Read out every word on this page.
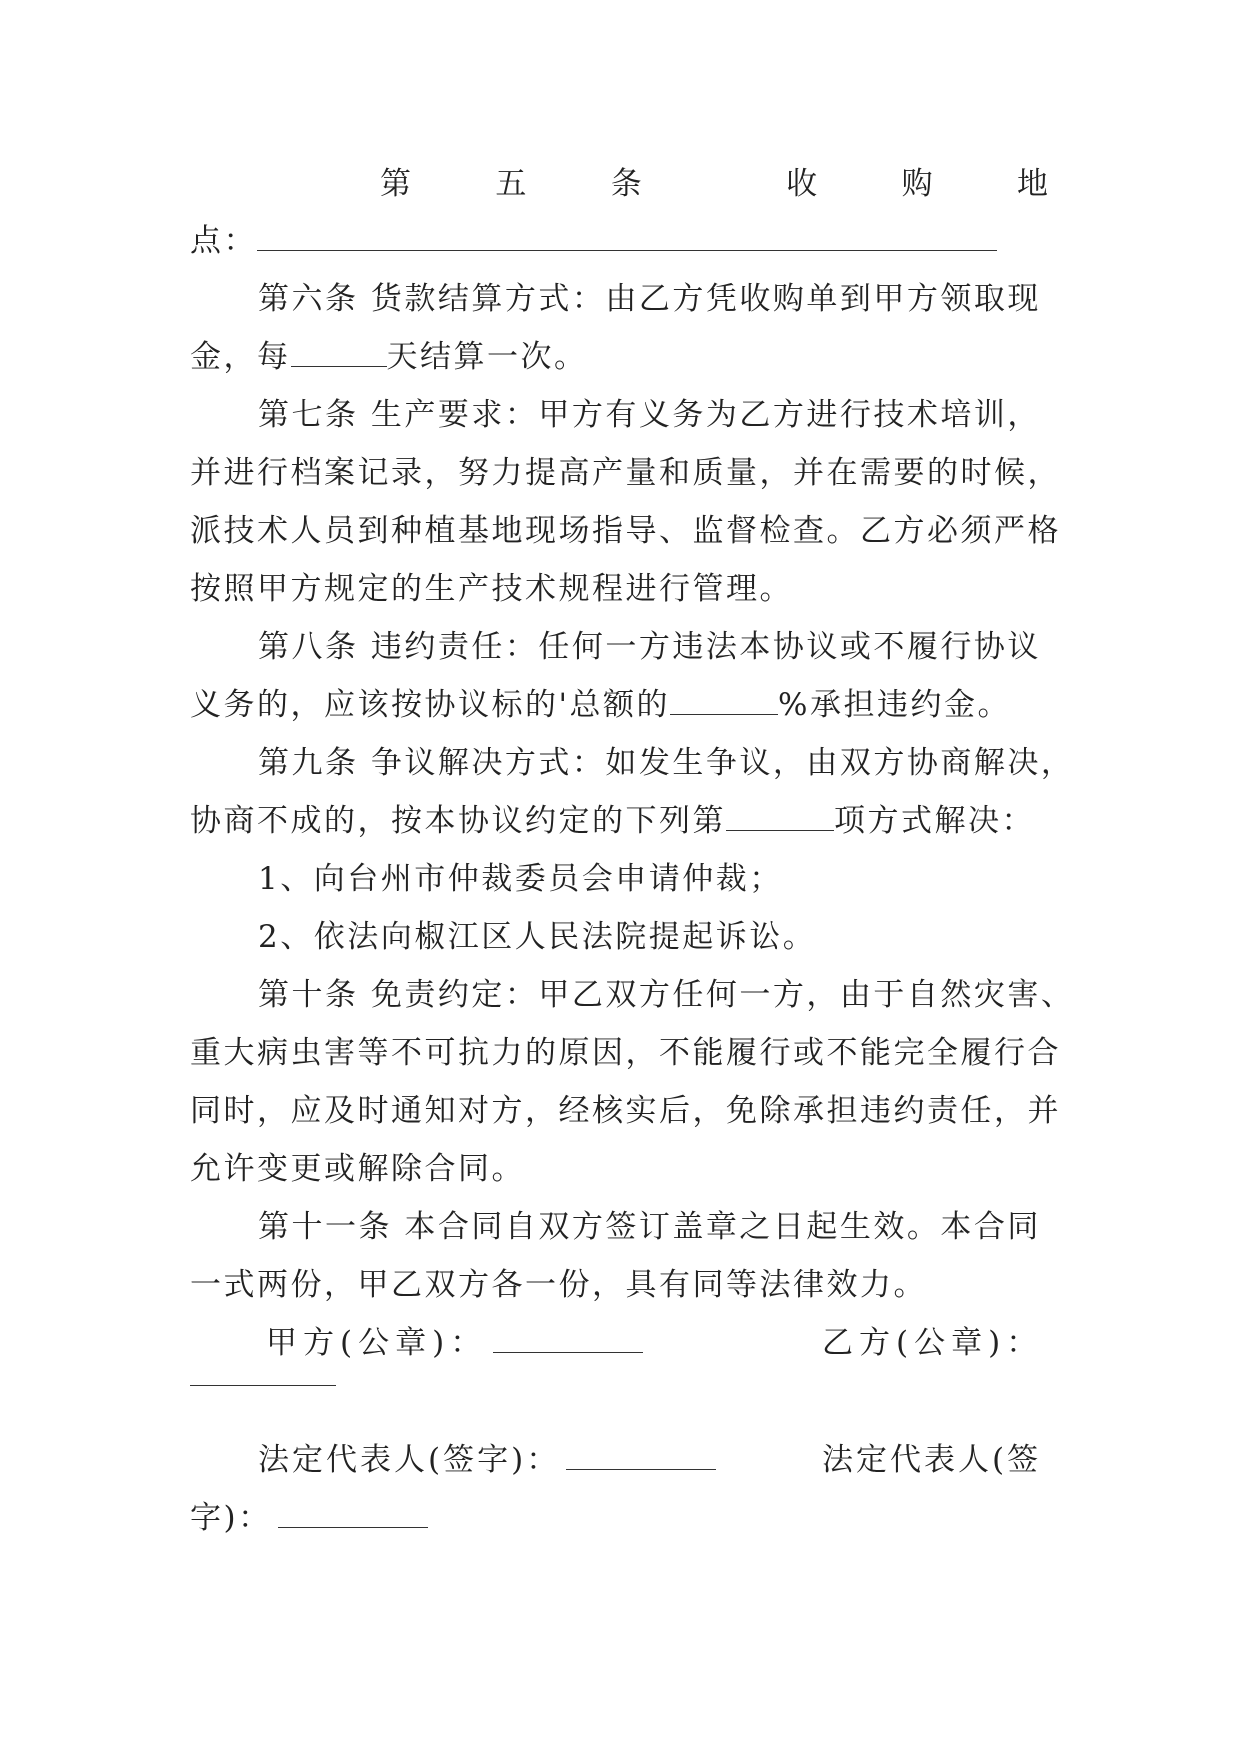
第	五	条	收	购	地
点：
第六条 货款结算方式：由乙方凭收购单到甲方领取现
金，每	天结算一次。
第七条 生产要求：甲方有义务为乙方进行技术培训，
并进行档案记录，努力提高产量和质量，并在需要的时候，
派技术人员到种植基地现场指导、监督检查。乙方必须严格
按照甲方规定的生产技术规程进行管理。
第八条 违约责任：任何一方违法本协议或不履行协议
义务的，应该按协议标的'总额的	%承担违约金。
第九条 争议解决方式：如发生争议，由双方协商解决，
协商不成的，按本协议约定的下列第	项方式解决：
1、向台州市仲裁委员会申请仲裁；
2、依法向椒江区人民法院提起诉讼。
第十条 免责约定：甲乙双方任何一方，由于自然灾害、
重大病虫害等不可抗力的原因，不能履行或不能完全履行合
同时，应及时通知对方，经核实后，免除承担违约责任，并
允许变更或解除合同。
第十一条 本合同自双方签订盖章之日起生效。本合同
一式两份，甲乙双方各一份，具有同等法律效力。
甲方(公章)：	乙方(公章)：
法定代表人(签字)：	法定代表人(签
字)：
